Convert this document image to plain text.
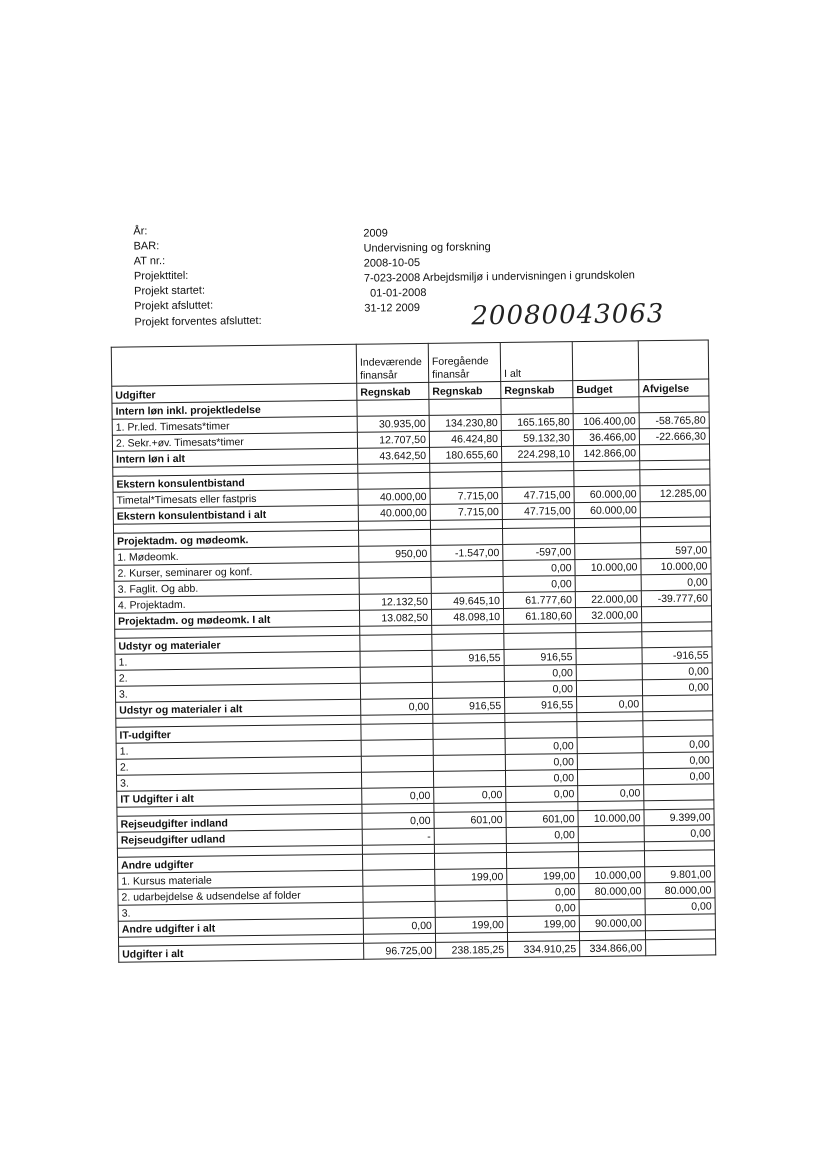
År:	2009
BAR:	Undervisning og forskning
AT nr.:	2008-10-05
Projekttitel:	7-023-2008 Arbejdsmiljø i undervisningen i grundskolen
Projekt startet:	01-01-2008
Projekt afsluttet:	31-12 2009
Projekt forventes afsluttet:	20080043063
	Indeværende finansår	Foregående finansår	I alt		
Udgifter	Regnskab	Regnskab	Regnskab	Budget	Afvigelse
Intern løn inkl. projektledelse					
1. Pr.led. Timesats*timer	30.935,00	134.230,80	165.165,80	106.400,00	-58.765,80
2. Sekr.+øv. Timesats*timer	12.707,50	46.424,80	59.132,30	36.466,00	-22.666,30
Intern løn i alt	43.642,50	180.655,60	224.298,10	142.866,00	

Ekstern konsulentbistand					
Timetal*Timesats eller fastpris	40.000,00	7.715,00	47.715,00	60.000,00	12.285,00
Ekstern konsulentbistand i alt	40.000,00	7.715,00	47.715,00	60.000,00	

Projektadm. og mødeomk.					
1. Mødeomk.	950,00	-1.547,00	-597,00		597,00
2. Kurser, seminarer og konf.			0,00	10.000,00	10.000,00
3. Faglit. Og abb.			0,00		0,00
4. Projektadm.	12.132,50	49.645,10	61.777,60	22.000,00	-39.777,60
Projektadm. og mødeomk. I alt	13.082,50	48.098,10	61.180,60	32.000,00	

Udstyr og materialer					
1.		916,55	916,55		-916,55
2.			0,00		0,00
3.			0,00		0,00
Udstyr og materialer i alt	0,00	916,55	916,55	0,00	

IT-udgifter					
1.			0,00		0,00
2.			0,00		0,00
3.			0,00		0,00
IT Udgifter i alt	0,00	0,00	0,00	0,00	

Rejseudgifter indland	0,00	601,00	601,00	10.000,00	9.399,00
Rejseudgifter udland	-		0,00		0,00

Andre udgifter					
1. Kursus materiale		199,00	199,00	10.000,00	9.801,00
2. udarbejdelse & udsendelse af folder			0,00	80.000,00	80.000,00
3.			0,00		0,00
Andre udgifter i alt	0,00	199,00	199,00	90.000,00	

Udgifter i alt	96.725,00	238.185,25	334.910,25	334.866,00	
